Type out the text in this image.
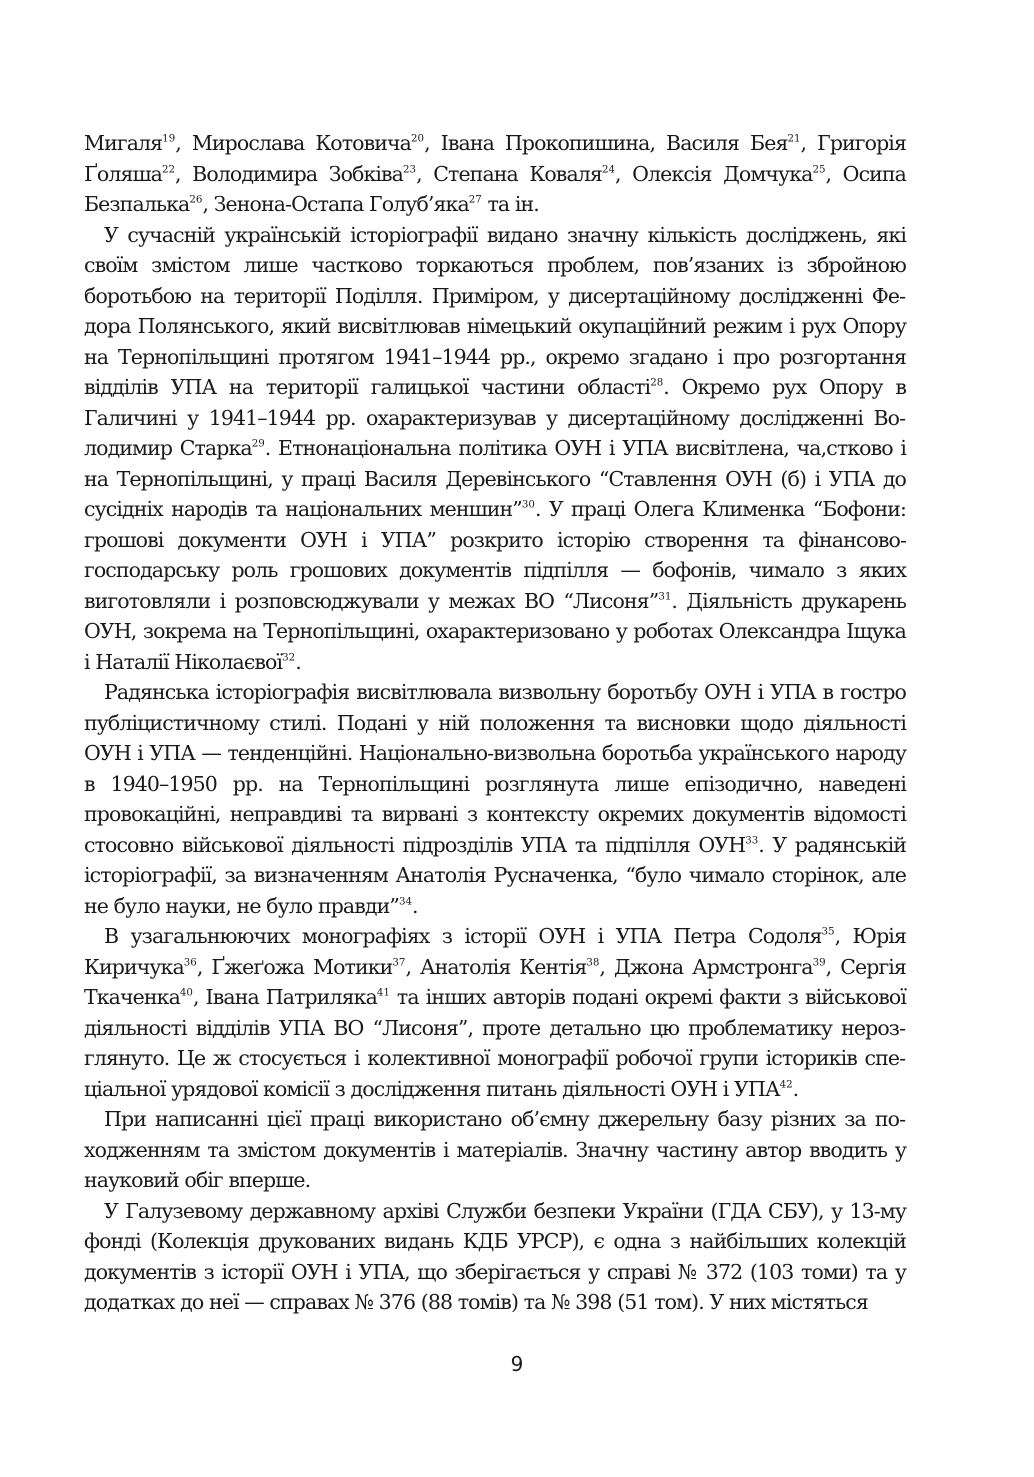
Мигаля$^{19}$, Мирослава Котовича$^{20}$, Івана Прокопишина, Василя Бея$^{21}$, Григорія Ґоляша$^{22}$, Володимира Зобківа$^{23}$, Степана Коваля$^{24}$, Олексія Домчука$^{25}$, Осипа Безпалька$^{26}$, Зенона-Остапа Голуб’яка$^{27}$ та ін.

У сучасній українській історіографії видано значну кількість досліджень, які своїм змістом лише частково торкаються проблем, пов’язаних із збройною боротьбою на території Поділля. Приміром, у дисертаційному дослідженні Федора Полянського, який висвітлював німецький окупаційний режим і рух Опору на Тернопільщині протягом 1941–1944 рр., окремо згадано і про розгортання відділів УПА на території галицької частини області$^{28}$. Окремо рух Опору в Галичині у 1941–1944 рр. охарактеризував у дисертаційному дослідженні Володимир Старка$^{29}$. Етнонаціональна політика ОУН і УПА висвітлена, ча,стково і на Тернопільщині, у праці Василя Деревінського “Ставлення ОУН (б) і УПА до сусідніх народів та національних меншин”$^{30}$. У праці Олега Клименка “Бофони: грошові документи ОУН і УПА” розкрито історію створення та фінансово-господарську роль грошових документів підпілля — бофонів, чимало з яких виготовляли і розповсюджували у межах ВО “Лисоня”$^{31}$. Діяльність друкарень ОУН, зокрема на Тернопільщині, охарактеризовано у роботах Олександра Іщука і Наталії Ніколаєвої$^{32}$.

Радянська історіографія висвітлювала визвольну боротьбу ОУН і УПА в гостро публіцистичному стилі. Подані у ній положення та висновки щодо діяльності ОУН і УПА — тенденційні. Національно-визвольна боротьба українського народу в 1940–1950 рр. на Тернопільщині розглянута лише епізодично, наведені провокаційні, неправдиві та вирвані з контексту окремих документів відомості стосовно військової діяльності підрозділів УПА та підпілля ОУН$^{33}$. У радянській історіографії, за визначенням Анатолія Русначенка, “було чимало сторінок, але не було науки, не було правди”$^{34}$.

В узагальнюючих монографіях з історії ОУН і УПА Петра Содоля$^{35}$, Юрія Киричука$^{36}$, Ґжеґожа Мотики$^{37}$, Анатолія Кентія$^{38}$, Джона Армстронга$^{39}$, Сергія Ткаченка$^{40}$, Івана Патриляка$^{41}$ та інших авторів подані окремі факти з військової діяльності відділів УПА ВО “Лисоня”, проте детально цю проблематику нерозглянуто. Це ж стосується і колективної монографії робочої групи істориків спеціальної урядової комісії з дослідження питань діяльності ОУН і УПА$^{42}$.

При написанні цієї праці використано об’ємну джерельну базу різних за походженням та змістом документів і матеріалів. Значну частину автор вводить у науковий обіг вперше.

У Галузевому державному архіві Служби безпеки України (ГДА СБУ), у 13-му фонді (Колекція друкованих видань КДБ УРСР), є одна з найбільших колекцій документів з історії ОУН і УПА, що зберігається у справі № 372 (103 томи) та у додатках до неї — справах № 376 (88 томів) та № 398 (51 том). У них містяться

9
